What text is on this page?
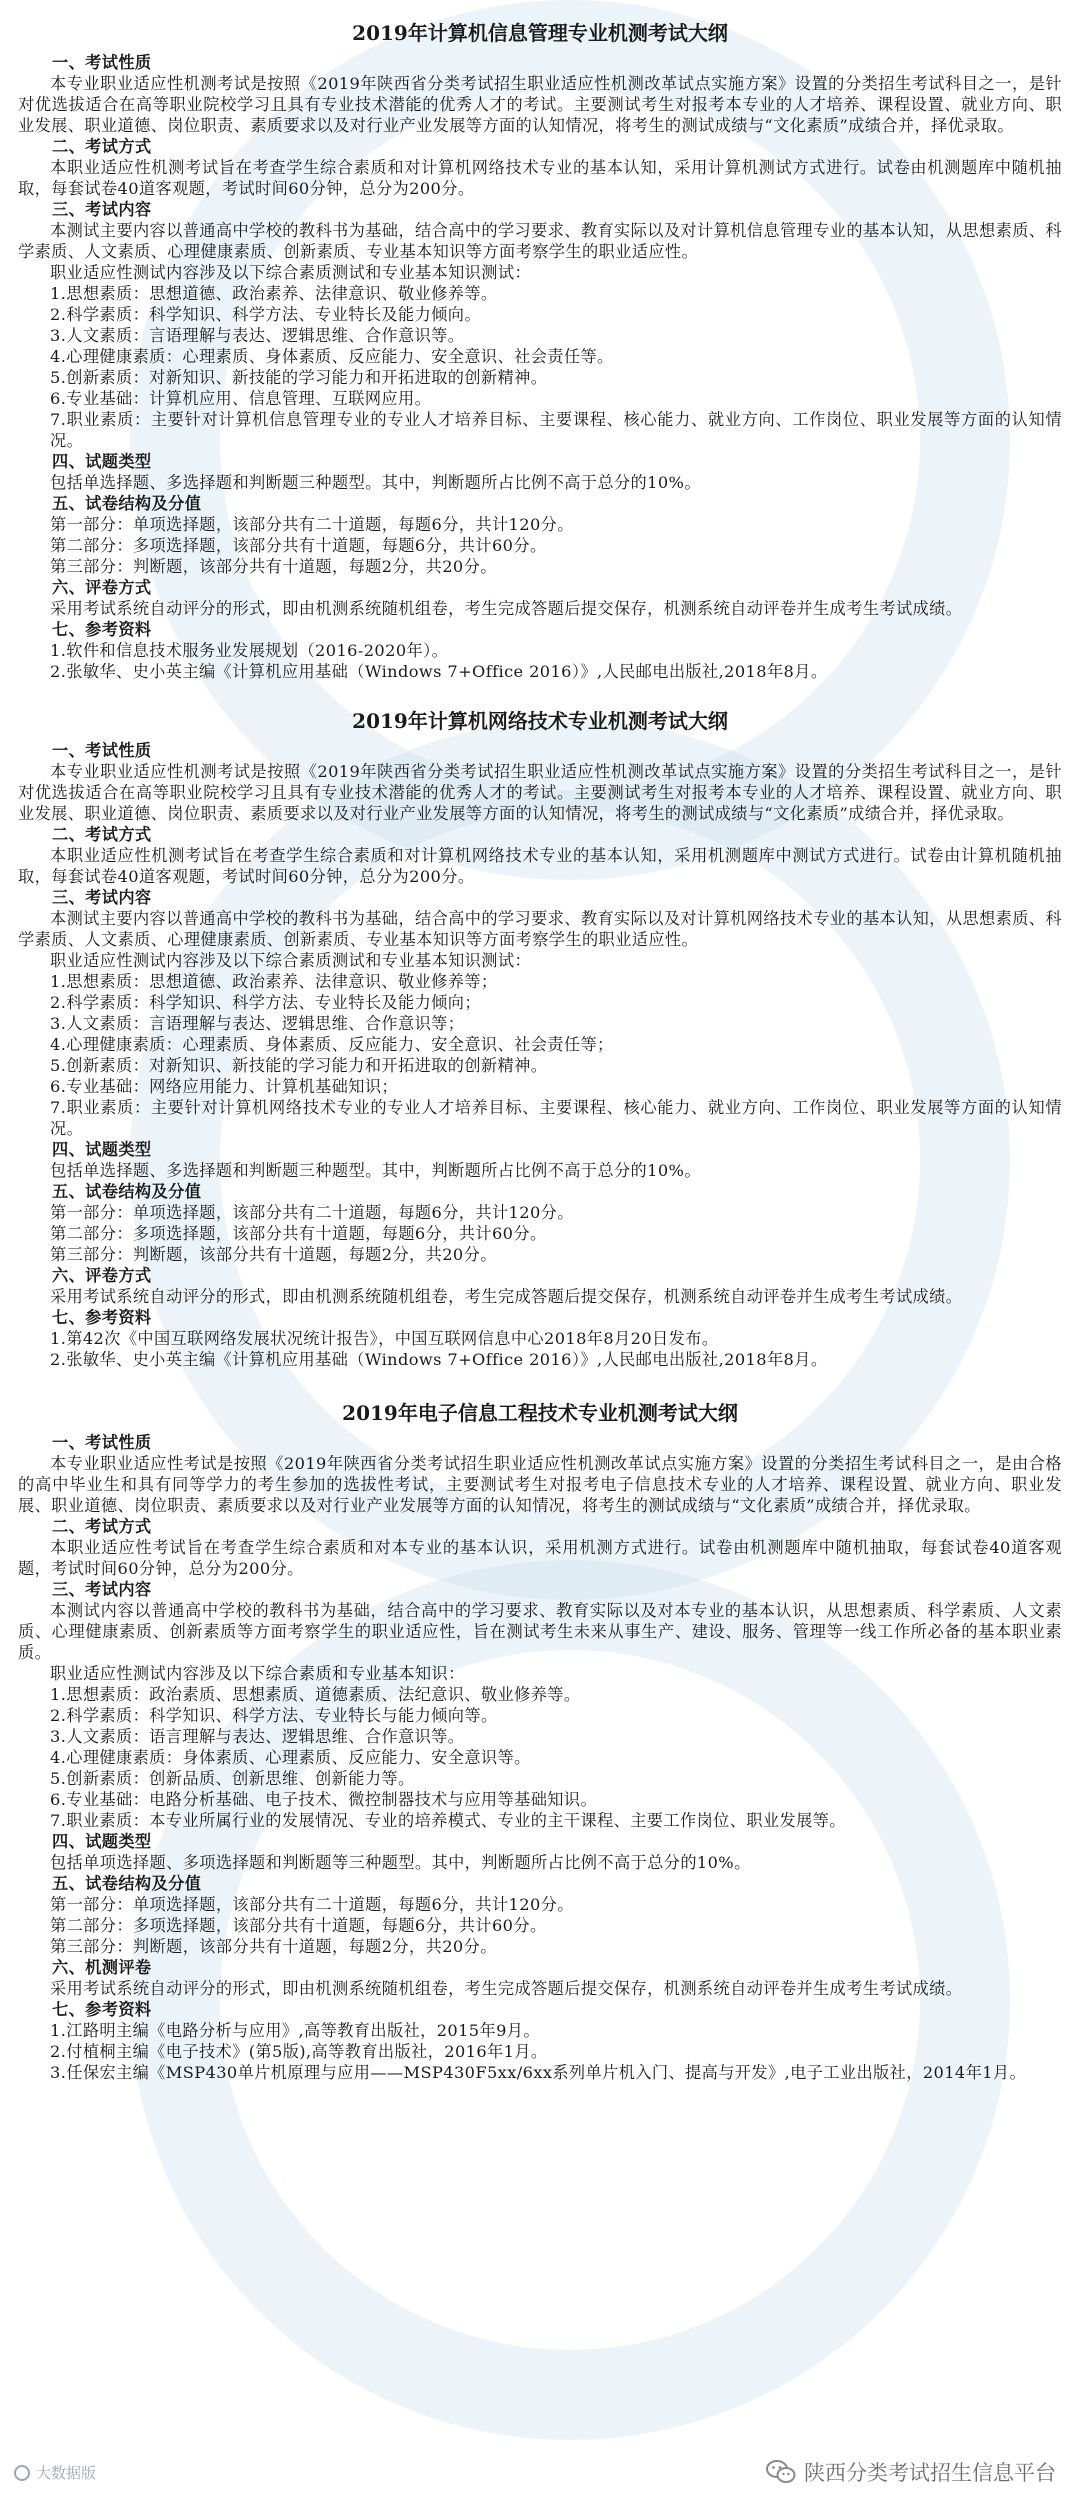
2019年计算机信息管理专业机测考试大纲
一、考试性质
本专业职业适应性机测考试是按照《2019年陕西省分类考试招生职业适应性机测改革试点实施方案》设置的分类招生考试科目之一，是针对优选拔适合在高等职业院校学习且具有专业技术潜能的优秀人才的考试。主要测试考生对报考本专业的人才培养、课程设置、就业方向、职业发展、职业道德、岗位职责、素质要求以及对行业产业发展等方面的认知情况，将考生的测试成绩与“文化素质”成绩合并，择优录取。
二、考试方式
本职业适应性机测考试旨在考查学生综合素质和对计算机网络技术专业的基本认知，采用计算机测试方式进行。试卷由机测题库中随机抽取，每套试卷40道客观题，考试时间60分钟，总分为200分。
三、考试内容
本测试主要内容以普通高中学校的教科书为基础，结合高中的学习要求、教育实际以及对计算机信息管理专业的基本认知，从思想素质、科学素质、人文素质、心理健康素质、创新素质、专业基本知识等方面考察学生的职业适应性。
职业适应性测试内容涉及以下综合素质测试和专业基本知识测试：
1.思想素质：思想道德、政治素养、法律意识、敬业修养等。
2.科学素质：科学知识、科学方法、专业特长及能力倾向。
3.人文素质：言语理解与表达、逻辑思维、合作意识等。
4.心理健康素质：心理素质、身体素质、反应能力、安全意识、社会责任等。
5.创新素质：对新知识、新技能的学习能力和开拓进取的创新精神。
6.专业基础：计算机应用、信息管理、互联网应用。
7.职业素质：主要针对计算机信息管理专业的专业人才培养目标、主要课程、核心能力、就业方向、工作岗位、职业发展等方面的认知情况。
四、试题类型
包括单选择题、多选择题和判断题三种题型。其中，判断题所占比例不高于总分的10%。
五、试卷结构及分值
第一部分：单项选择题，该部分共有二十道题，每题6分，共计120分。
第二部分：多项选择题，该部分共有十道题，每题6分，共计60分。
第三部分：判断题，该部分共有十道题，每题2分，共20分。
六、评卷方式
采用考试系统自动评分的形式，即由机测系统随机组卷，考生完成答题后提交保存，机测系统自动评卷并生成考生考试成绩。
七、参考资料
1.软件和信息技术服务业发展规划（2016-2020年）。
2.张敏华、史小英主编《计算机应用基础（Windows 7+Office 2016）》,人民邮电出版社,2018年8月。
2019年计算机网络技术专业机测考试大纲
一、考试性质
本专业职业适应性机测考试是按照《2019年陕西省分类考试招生职业适应性机测改革试点实施方案》设置的分类招生考试科目之一，是针对优选拔适合在高等职业院校学习且具有专业技术潜能的优秀人才的考试。主要测试考生对报考本专业的人才培养、课程设置、就业方向、职业发展、职业道德、岗位职责、素质要求以及对行业产业发展等方面的认知情况，将考生的测试成绩与“文化素质”成绩合并，择优录取。
二、考试方式
本职业适应性机测考试旨在考查学生综合素质和对计算机网络技术专业的基本认知，采用机测题库中测试方式进行。试卷由计算机随机抽取，每套试卷40道客观题，考试时间60分钟，总分为200分。
三、考试内容
本测试主要内容以普通高中学校的教科书为基础，结合高中的学习要求、教育实际以及对计算机网络技术专业的基本认知，从思想素质、科学素质、人文素质、心理健康素质、创新素质、专业基本知识等方面考察学生的职业适应性。
职业适应性测试内容涉及以下综合素质测试和专业基本知识测试：
1.思想素质：思想道德、政治素养、法律意识、敬业修养等；
2.科学素质：科学知识、科学方法、专业特长及能力倾向；
3.人文素质：言语理解与表达、逻辑思维、合作意识等；
4.心理健康素质：心理素质、身体素质、反应能力、安全意识、社会责任等；
5.创新素质：对新知识、新技能的学习能力和开拓进取的创新精神。
6.专业基础：网络应用能力、计算机基础知识；
7.职业素质：主要针对计算机网络技术专业的专业人才培养目标、主要课程、核心能力、就业方向、工作岗位、职业发展等方面的认知情况。
四、试题类型
包括单选择题、多选择题和判断题三种题型。其中，判断题所占比例不高于总分的10%。
五、试卷结构及分值
第一部分：单项选择题，该部分共有二十道题，每题6分，共计120分。
第二部分：多项选择题，该部分共有十道题，每题6分，共计60分。
第三部分：判断题，该部分共有十道题，每题2分，共20分。
六、评卷方式
采用考试系统自动评分的形式，即由机测系统随机组卷，考生完成答题后提交保存，机测系统自动评卷并生成考生考试成绩。
七、参考资料
1.第42次《中国互联网络发展状况统计报告》，中国互联网信息中心2018年8月20日发布。
2.张敏华、史小英主编《计算机应用基础（Windows 7+Office 2016）》,人民邮电出版社,2018年8月。
2019年电子信息工程技术专业机测考试大纲
一、考试性质
本专业职业适应性考试是按照《2019年陕西省分类考试招生职业适应性机测改革试点实施方案》设置的分类招生考试科目之一，是由合格的高中毕业生和具有同等学力的考生参加的选拔性考试，主要测试考生对报考电子信息技术专业的人才培养、课程设置、就业方向、职业发展、职业道德、岗位职责、素质要求以及对行业产业发展等方面的认知情况，将考生的测试成绩与“文化素质”成绩合并，择优录取。
二、考试方式
本职业适应性考试旨在考查学生综合素质和对本专业的基本认识，采用机测方式进行。试卷由机测题库中随机抽取，每套试卷40道客观题，考试时间60分钟，总分为200分。
三、考试内容
本测试内容以普通高中学校的教科书为基础，结合高中的学习要求、教育实际以及对本专业的基本认识，从思想素质、科学素质、人文素质、心理健康素质、创新素质等方面考察学生的职业适应性，旨在测试考生未来从事生产、建设、服务、管理等一线工作所必备的基本职业素质。
职业适应性测试内容涉及以下综合素质和专业基本知识：
1.思想素质：政治素质、思想素质、道德素质、法纪意识、敬业修养等。
2.科学素质：科学知识、科学方法、专业特长与能力倾向等。
3.人文素质：语言理解与表达、逻辑思维、合作意识等。
4.心理健康素质：身体素质、心理素质、反应能力、安全意识等。
5.创新素质：创新品质、创新思维、创新能力等。
6.专业基础：电路分析基础、电子技术、微控制器技术与应用等基础知识。
7.职业素质：本专业所属行业的发展情况、专业的培养模式、专业的主干课程、主要工作岗位、职业发展等。
四、试题类型
包括单项选择题、多项选择题和判断题等三种题型。其中，判断题所占比例不高于总分的10%。
五、试卷结构及分值
第一部分：单项选择题，该部分共有二十道题，每题6分，共计120分。
第二部分：多项选择题，该部分共有十道题，每题6分，共计60分。
第三部分：判断题，该部分共有十道题，每题2分，共20分。
六、机测评卷
采用考试系统自动评分的形式，即由机测系统随机组卷，考生完成答题后提交保存，机测系统自动评卷并生成考生考试成绩。
七、参考资料
1.江路明主编《电路分析与应用》,高等教育出版社，2015年9月。
2.付植桐主编《电子技术》(第5版),高等教育出版社，2016年1月。
3.任保宏主编《MSP430单片机原理与应用——MSP430F5xx/6xx系列单片机入门、提高与开发》,电子工业出版社，2014年1月。
大数据版	陕西分类考试招生信息平台
